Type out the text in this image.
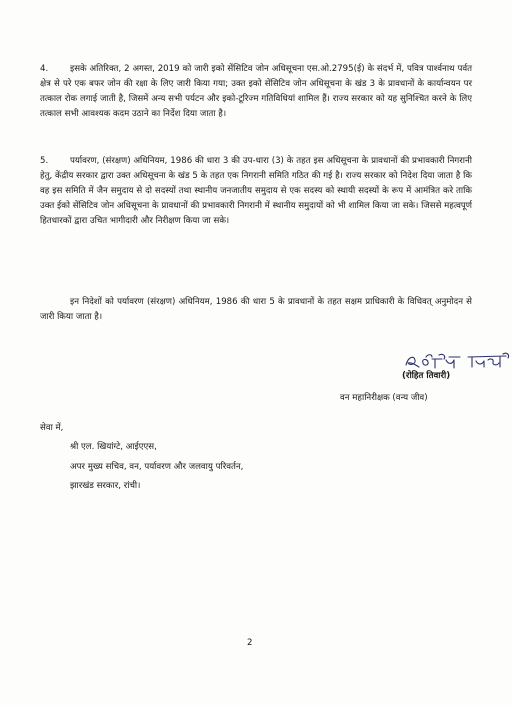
4.	इसके अतिरिक्त, 2 अगस्त, 2019 को जारी इको सेंसिटिव जोन अधिसूचना एस.ओ.2795(ई) के संदर्भ में, पवित्र पार्श्वनाथ पर्वत क्षेत्र से परे एक बफर जोन की रक्षा के लिए जारी किया गया; उक्त इको सेंसिटिव जोन अधिसूचना के खंड 3 के प्रावधानों के कार्यान्वयन पर तत्काल रोक लगाई जाती है, जिसमें अन्य सभी पर्यटन और इको-टूरिज्म गतिविधियां शामिल हैं। राज्य सरकार को यह सुनिश्चित करने के लिए तत्काल सभी आवश्यक कदम उठाने का निर्देश दिया जाता है।

5.	पर्यावरण, (संरक्षण) अधिनियम, 1986 की धारा 3 की उप-धारा (3) के तहत इस अधिसूचना के प्रावधानों की प्रभावकारी निगरानी हेतु, केंद्रीय सरकार द्वारा उक्त अधिसूचना के खंड 5 के तहत एक निगरानी समिति गठित की गई है। राज्य सरकार को निदेश दिया जाता है कि वह इस समिति में जैन समुदाय से दो सदस्यों तथा स्थानीय जनजातीय समुदाय से एक सदस्य को स्थायी सदस्यों के रूप में आमंत्रित करे ताकि उक्त ईको सेंसिटिव जोन अधिसूचना के प्रावधानों की प्रभावकारी निगरानी में स्थानीय समुदायों को भी शामिल किया जा सके। जिससे महत्वपूर्ण हितधारकों द्वारा उचित भागीदारी और निरीक्षण किया जा सके।

इन निदेशों को पर्यावरण (संरक्षण) अधिनियम, 1986 की धारा 5 के प्रावधानों के तहत सक्षम प्राधिकारी के विधिवत् अनुमोदन से जारी किया जाता है।

(रोहित तिवारी)
वन महानिरीक्षक (वन्य जीव)
सेवा में,
श्री एल. खियांग्टे, आईएएस,
अपर मुख्य सचिव, वन, पर्यावरण और जलवायु परिवर्तन,
झारखंड सरकार, रांची।
2
